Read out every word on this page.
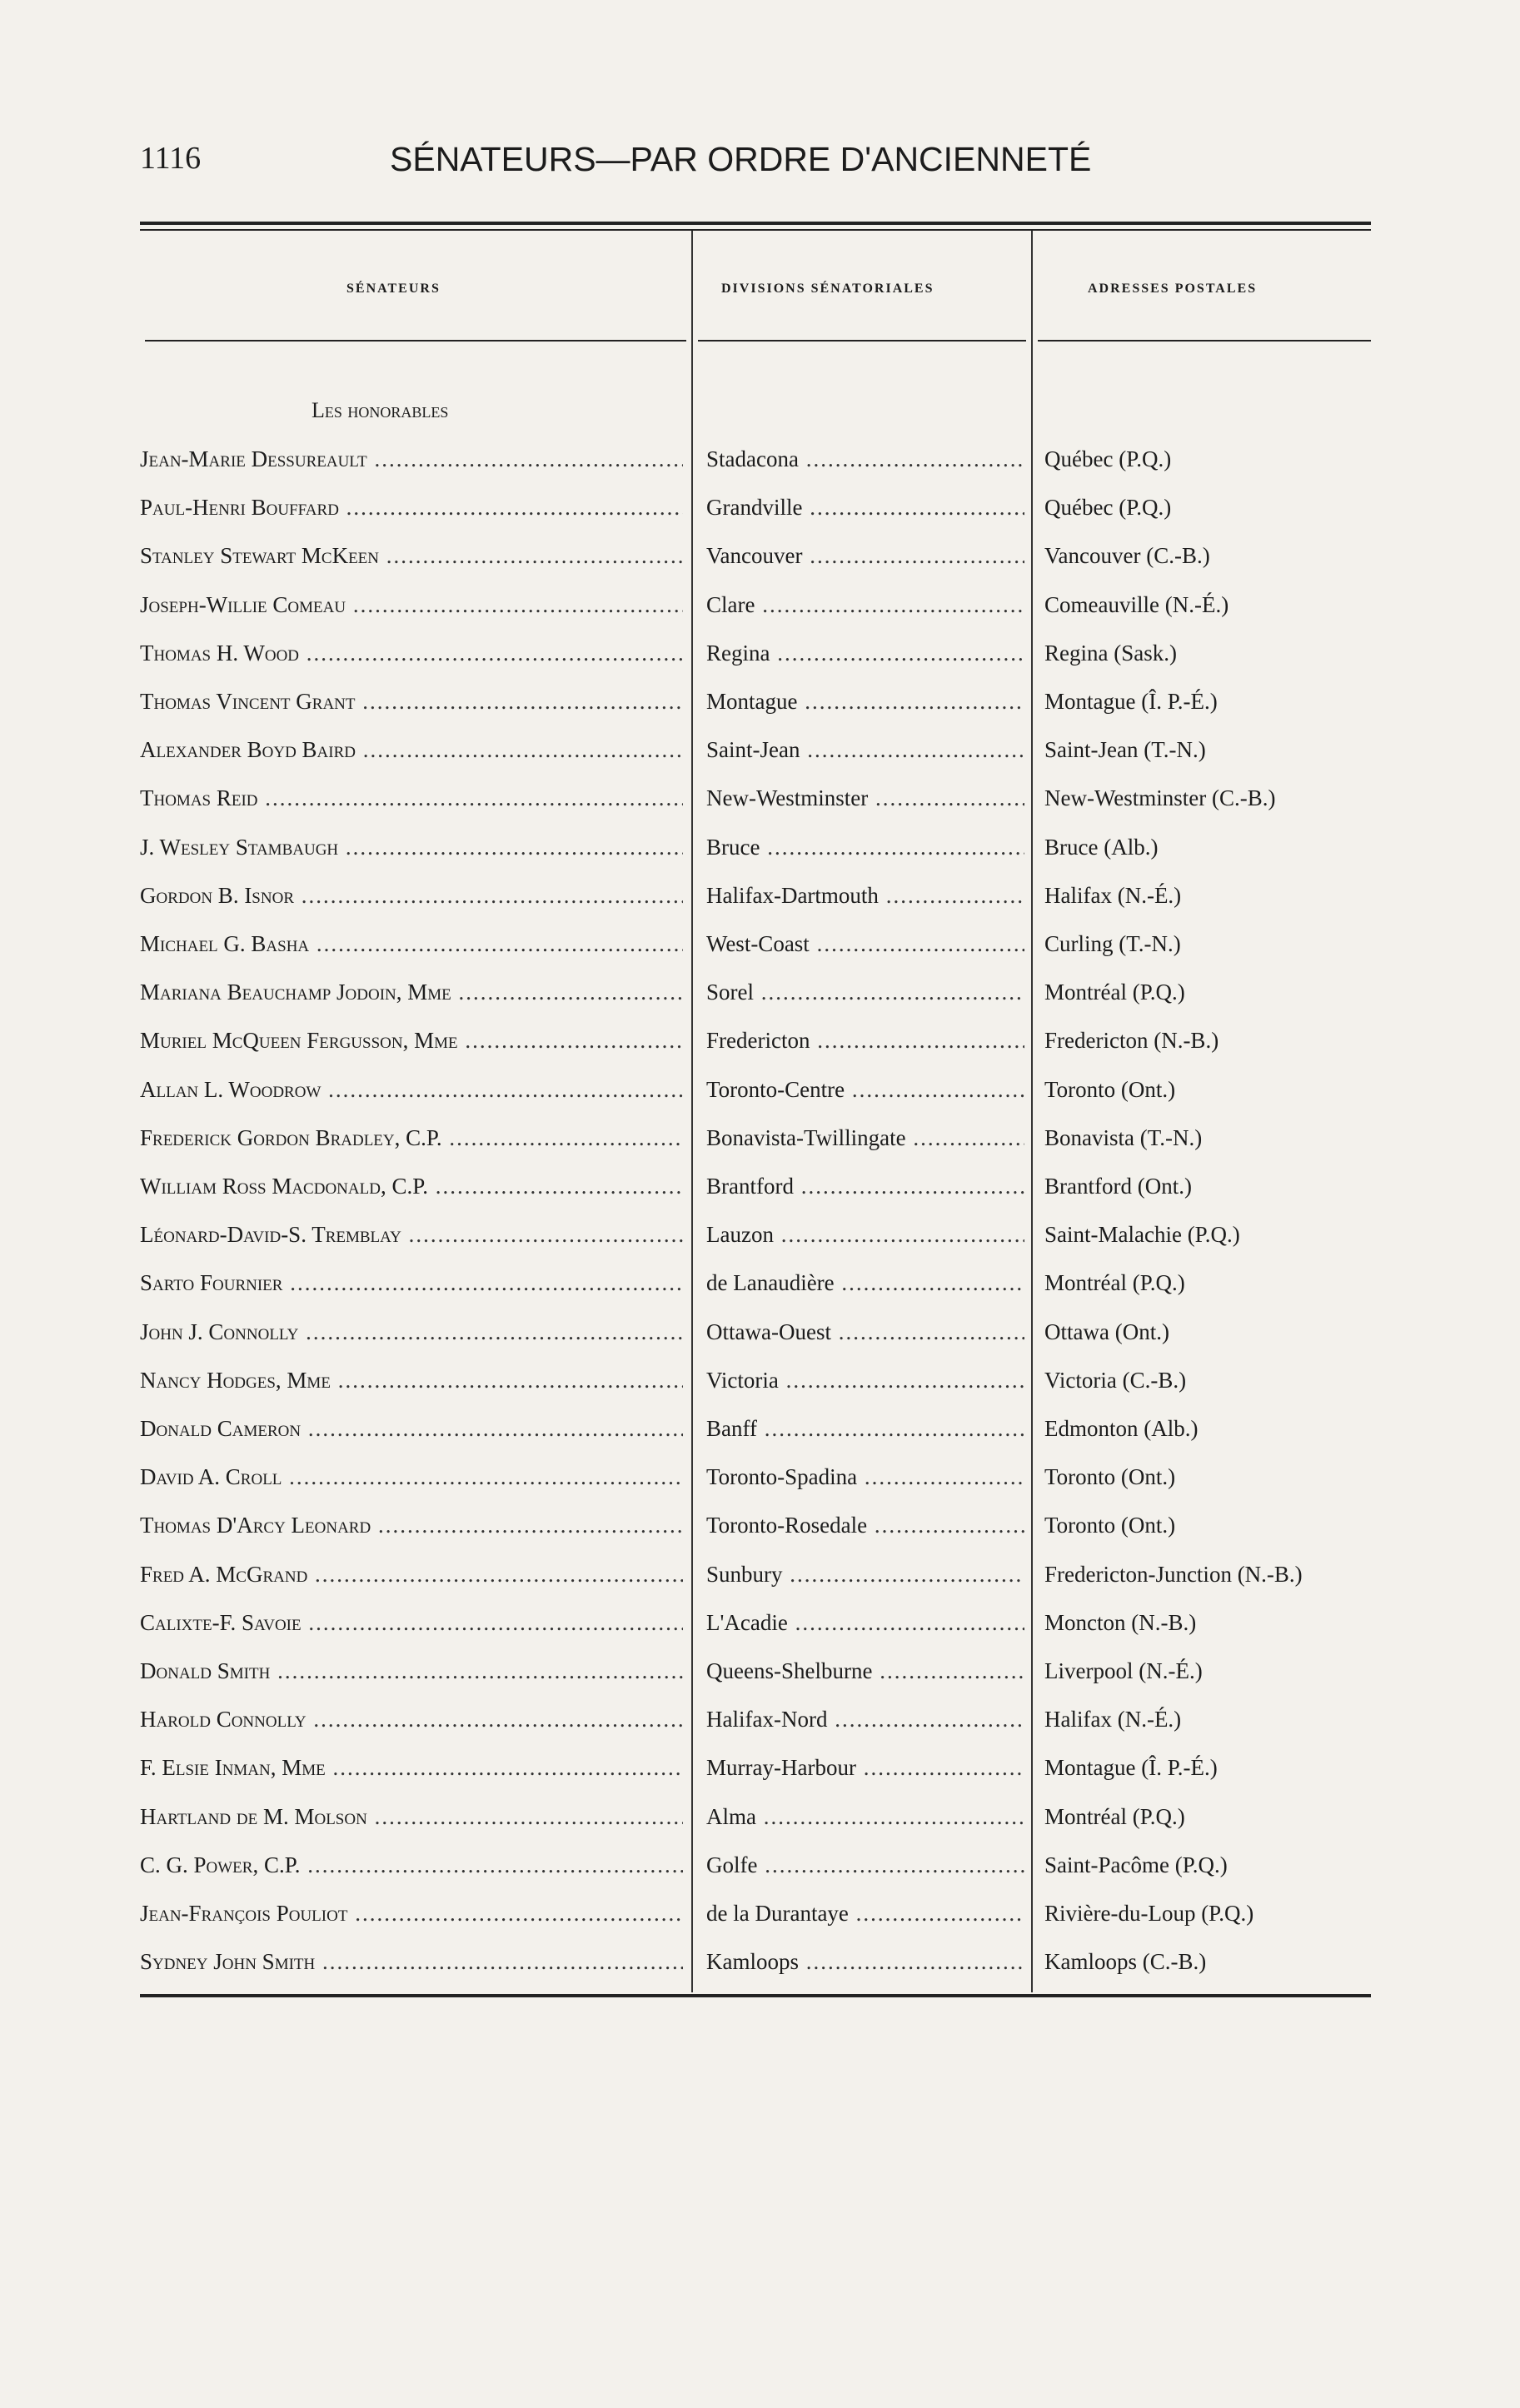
1116	SÉNATEURS—PAR ORDRE D'ANCIENNETÉ
SÉNATEURS	DIVISIONS SÉNATORIALES	ADRESSES POSTALES
Les honorables
Jean-Marie Dessureault .....	Stadacona .....	Québec (P.Q.)
Paul-Henri Bouffard .....	Grandville .....	Québec (P.Q.)
Stanley Stewart McKeen .....	Vancouver .....	Vancouver (C.-B.)
Joseph-Willie Comeau .....	Clare .....	Comeauville (N.-É.)
Thomas H. Wood .....	Regina .....	Regina (Sask.)
Thomas Vincent Grant .....	Montague .....	Montague (Î. P.-É.)
Alexander Boyd Baird .....	Saint-Jean .....	Saint-Jean (T.-N.)
Thomas Reid .....	New-Westminster .....	New-Westminster (C.-B.)
J. Wesley Stambaugh .....	Bruce .....	Bruce (Alb.)
Gordon B. Isnor .....	Halifax-Dartmouth .....	Halifax (N.-É.)
Michael G. Basha .....	West-Coast .....	Curling (T.-N.)
Mariana Beauchamp Jodoin, Mme .....	Sorel .....	Montréal (P.Q.)
Muriel McQueen Fergusson, Mme .....	Fredericton .....	Fredericton (N.-B.)
Allan L. Woodrow .....	Toronto-Centre .....	Toronto (Ont.)
Frederick Gordon Bradley, C.P. .....	Bonavista-Twillingate .....	Bonavista (T.-N.)
William Ross Macdonald, C.P. .....	Brantford .....	Brantford (Ont.)
Léonard-David-S. Tremblay .....	Lauzon .....	Saint-Malachie (P.Q.)
Sarto Fournier .....	de Lanaudière .....	Montréal (P.Q.)
John J. Connolly .....	Ottawa-Ouest .....	Ottawa (Ont.)
Nancy Hodges, Mme .....	Victoria .....	Victoria (C.-B.)
Donald Cameron .....	Banff .....	Edmonton (Alb.)
David A. Croll .....	Toronto-Spadina .....	Toronto (Ont.)
Thomas D'Arcy Leonard .....	Toronto-Rosedale .....	Toronto (Ont.)
Fred A. McGrand .....	Sunbury .....	Fredericton-Junction (N.-B.)
Calixte-F. Savoie .....	L'Acadie .....	Moncton (N.-B.)
Donald Smith .....	Queens-Shelburne .....	Liverpool (N.-É.)
Harold Connolly .....	Halifax-Nord .....	Halifax (N.-É.)
F. Elsie Inman, Mme .....	Murray-Harbour .....	Montague (Î. P.-É.)
Hartland de M. Molson .....	Alma .....	Montréal (P.Q.)
C. G. Power, C.P. .....	Golfe .....	Saint-Pacôme (P.Q.)
Jean-François Pouliot .....	de la Durantaye .....	Rivière-du-Loup (P.Q.)
Sydney John Smith .....	Kamloops .....	Kamloops (C.-B.)
